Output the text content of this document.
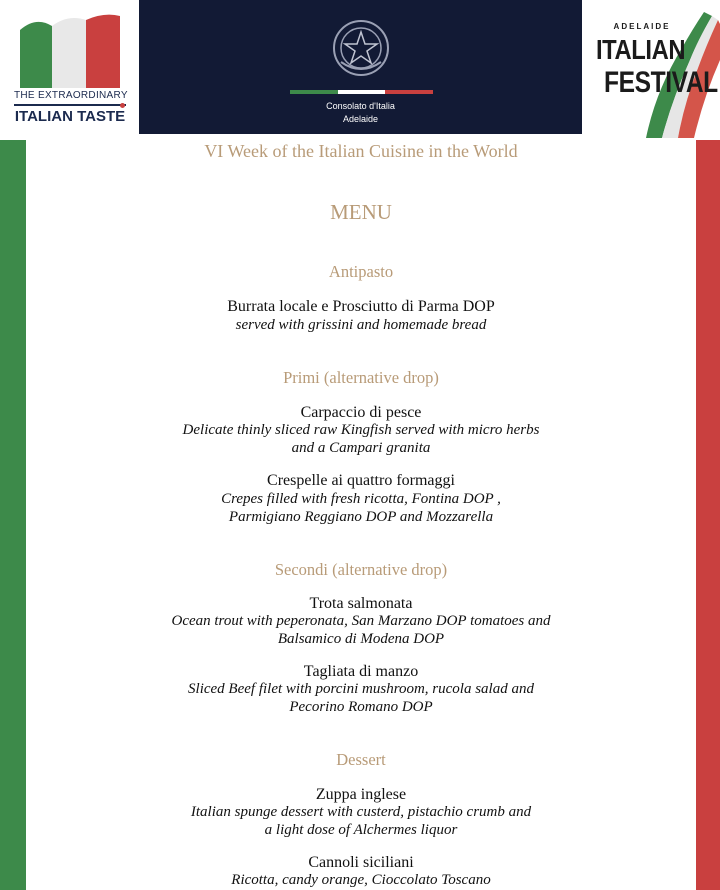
THE EXTRAORDINARY
ITALIAN TASTE
Consolato d'Italia
Adelaide
ADELAIDE
ITALIAN
FESTIVAL
VI Week of the Italian Cuisine in the World
MENU
Antipasto
Burrata locale e Prosciutto di Parma DOP
served with grissini and homemade bread
Primi (alternative drop)
Carpaccio di pesce
Delicate thinly sliced raw Kingfish served with micro herbs
and a Campari granita
Crespelle ai quattro formaggi
Crepes filled with fresh ricotta, Fontina DOP ,
Parmigiano Reggiano DOP and Mozzarella
Secondi (alternative drop)
Trota salmonata
Ocean trout with peperonata, San Marzano DOP tomatoes and
Balsamico di Modena DOP
Tagliata di manzo
Sliced Beef filet with porcini mushroom, rucola salad and
Pecorino Romano DOP
Dessert
Zuppa inglese
Italian spunge dessert with custerd, pistachio crumb and
a light dose of Alchermes liquor
Cannoli siciliani
Ricotta, candy orange, Cioccolato Toscano
